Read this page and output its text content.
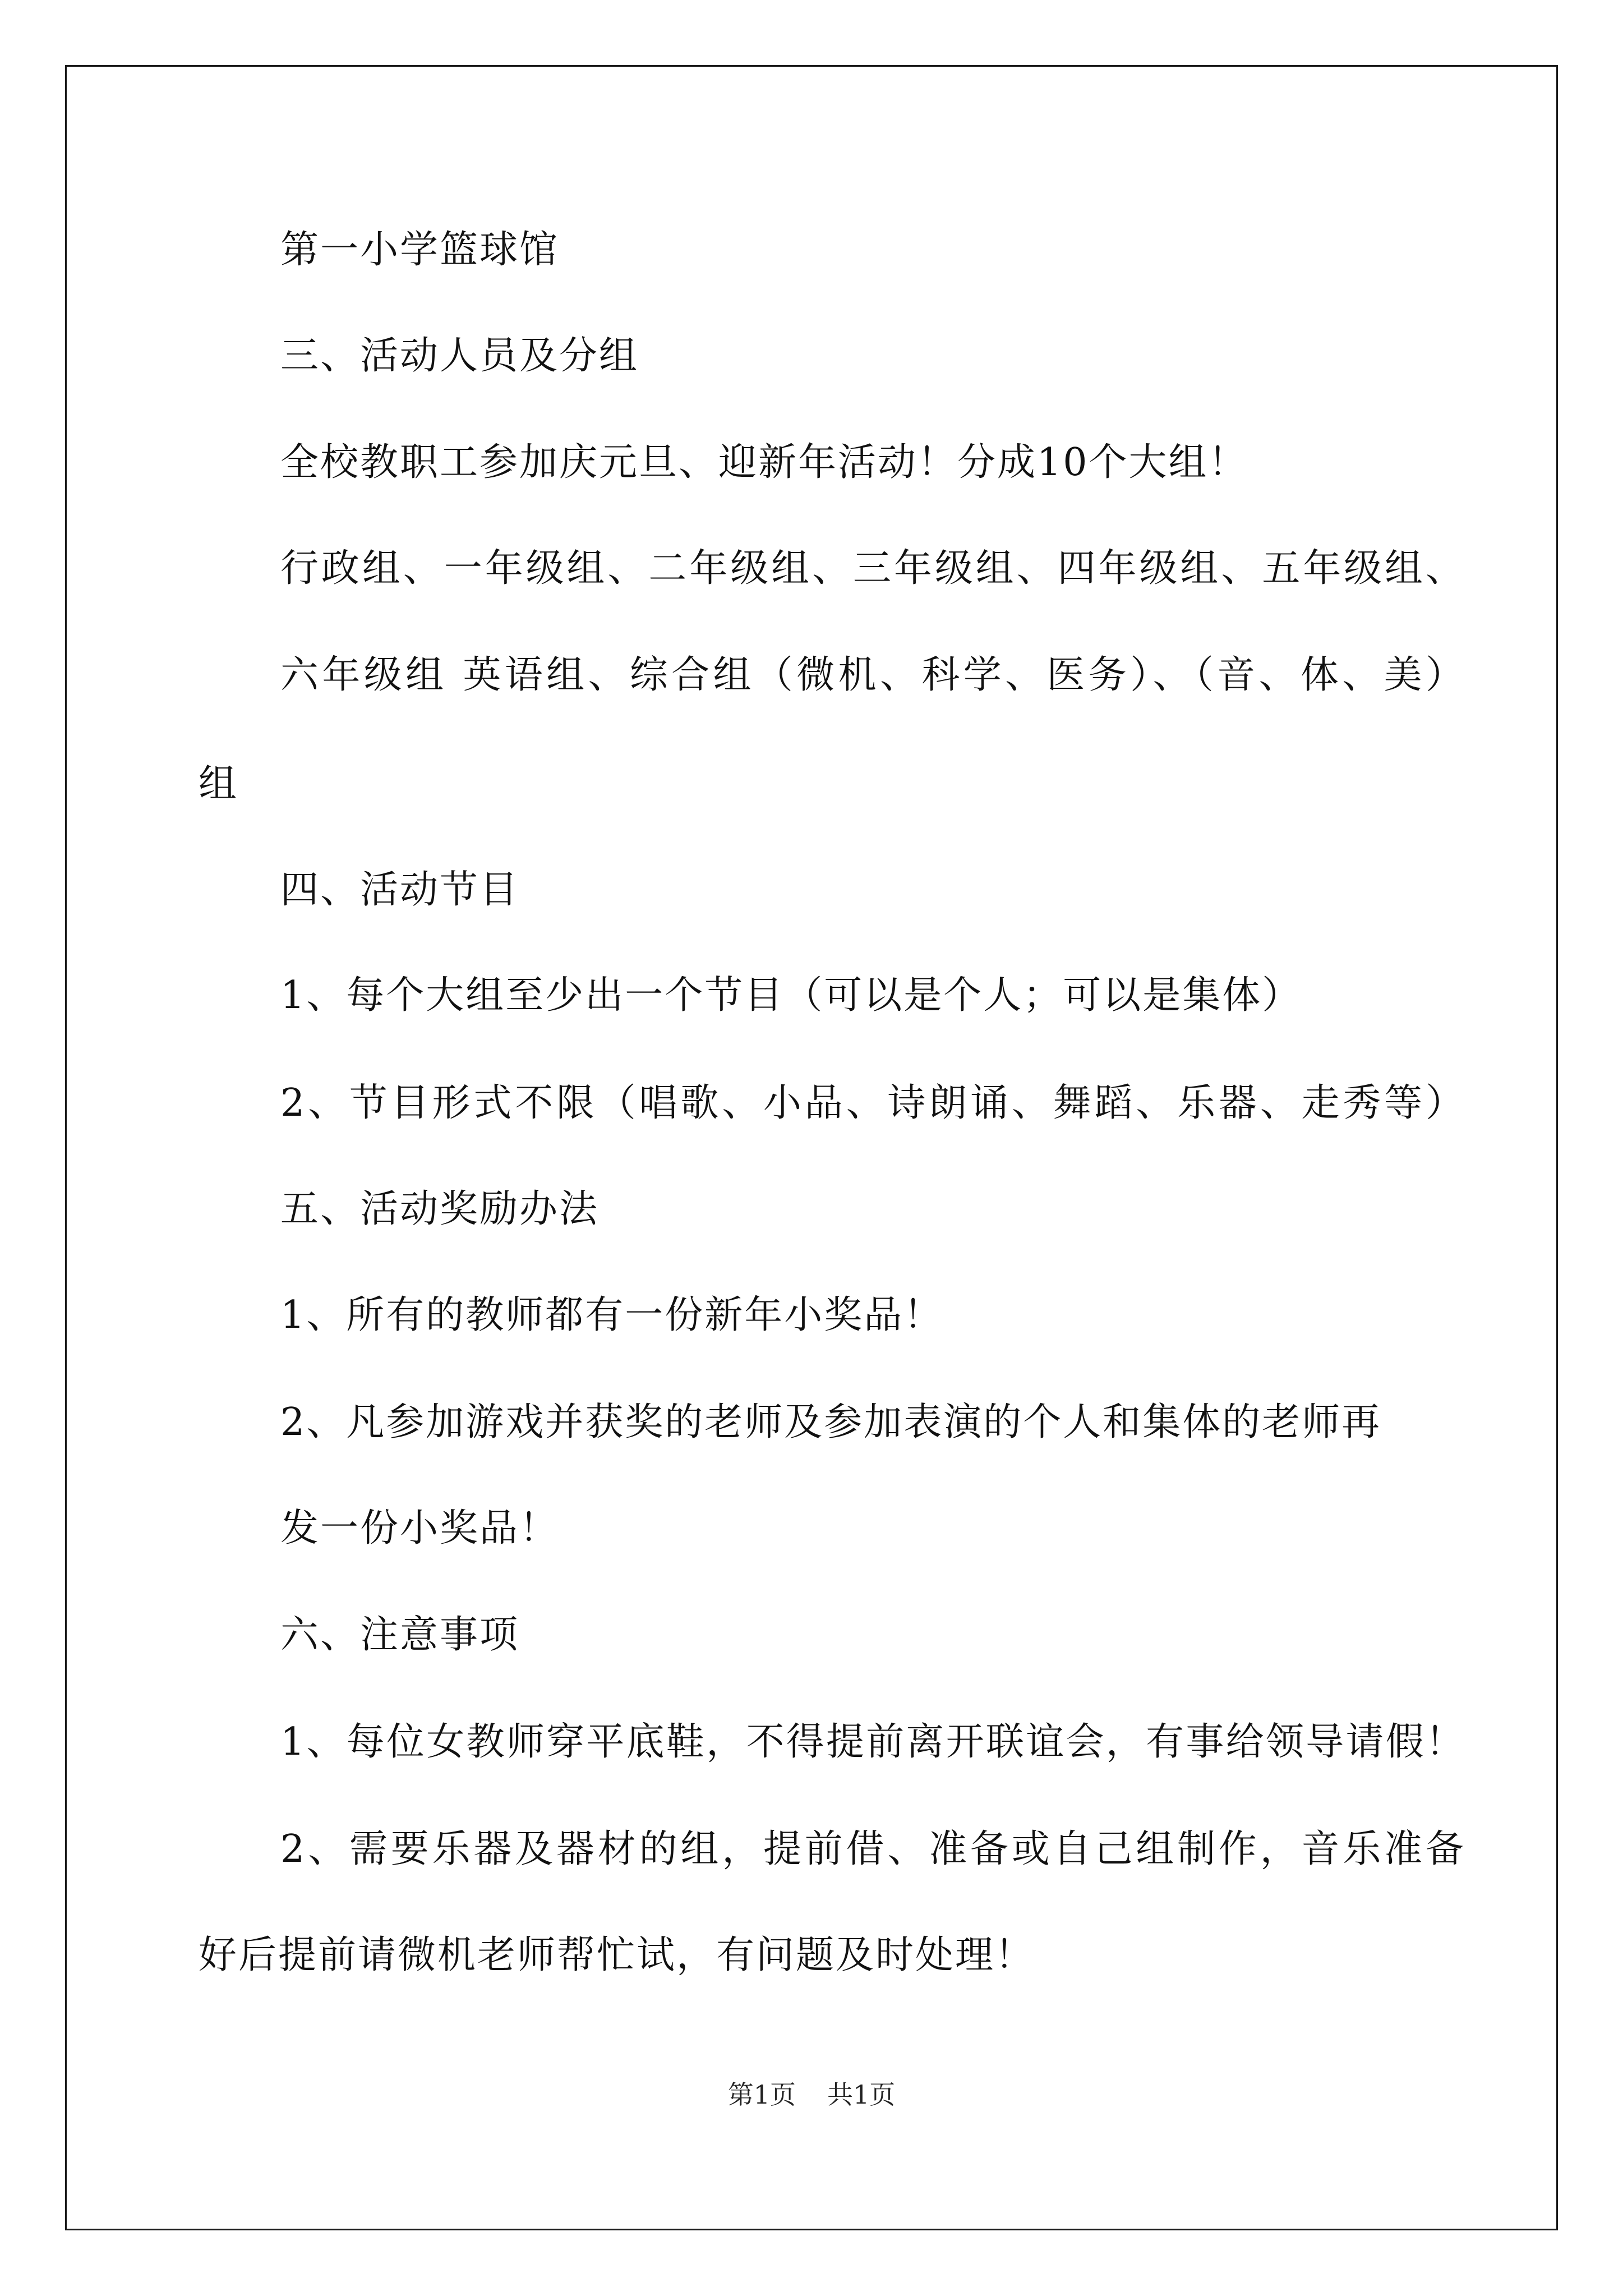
第一小学篮球馆
三、活动人员及分组
全校教职工参加庆元旦、迎新年活动！分成10个大组！
行政组、一年级组、二年级组、三年级组、四年级组、五年级组、
六年级组 英语组、综合组（微机、科学、医务）、（音、体、美）
组
四、活动节目
1、每个大组至少出一个节目（可以是个人；可以是集体）
2、节目形式不限（唱歌、小品、诗朗诵、舞蹈、乐器、走秀等）
五、活动奖励办法
1、所有的教师都有一份新年小奖品！
2、凡参加游戏并获奖的老师及参加表演的个人和集体的老师再
发一份小奖品！
六、注意事项
1、每位女教师穿平底鞋，不得提前离开联谊会，有事给领导请假！
2、需要乐器及器材的组，提前借、准备或自己组制作，音乐准备
好后提前请微机老师帮忙试，有问题及时处理！
第1页 共1页
